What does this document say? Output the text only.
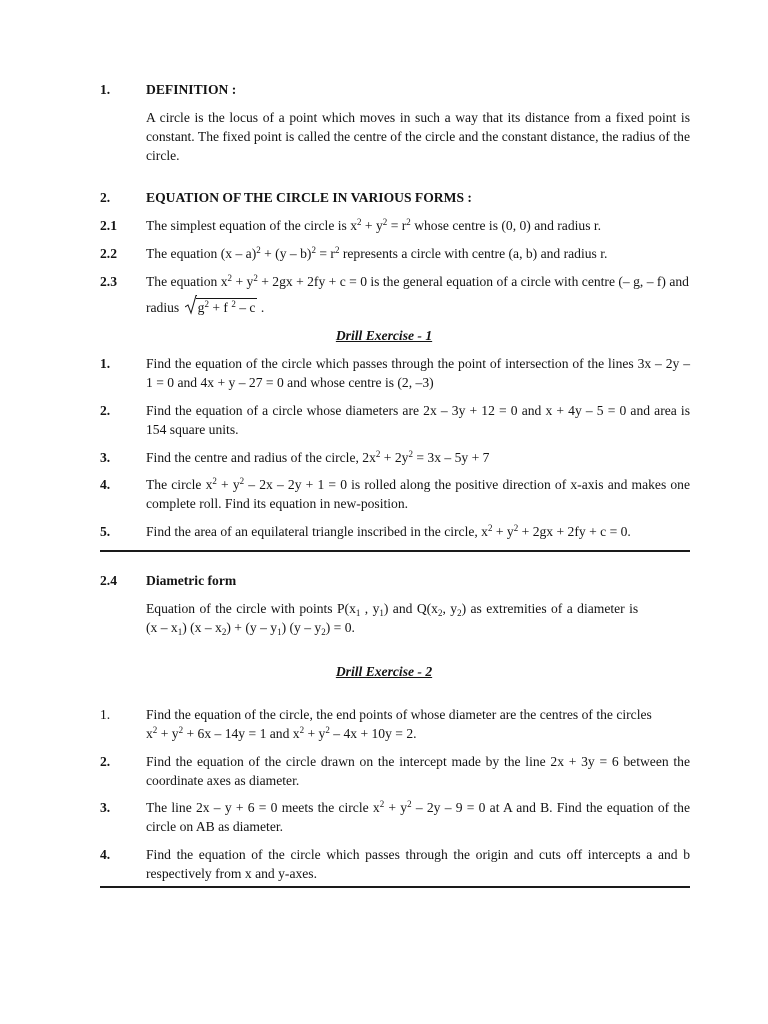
1.	DEFINITION :
A circle is the locus of a point which moves in such a way that its distance from a fixed point is constant. The fixed point is called the centre of the circle and the constant distance, the radius of the circle.
2.	EQUATION OF THE CIRCLE IN VARIOUS FORMS :
2.1	The simplest equation of the circle is $x^2 + y^2 = r^2$ whose centre is (0, 0) and radius r.
2.2	The equation $(x - a)^2 + (y - b)^2 = r^2$ represents a circle with centre (a, b) and radius r.
2.3	The equation $x^2 + y^2 + 2gx + 2fy + c = 0$ is the general equation of a circle with centre (– g, – f) and
radius $g^2 + f$ $^2$ – c .
Drill Exercise - 1
1.	Find the equation of the circle which passes through the point of intersection of the lines 3x – 2y – 1 = 0 and 4x + y – 27 = 0 and whose centre is (2, –3)
2.	Find the equation of a circle whose diameters are 2x – 3y + 12 = 0 and x + 4y – 5 = 0 and area is 154 square units.
3.	Find the centre and radius of the circle, $2x^2 + 2y^2 = 3x - 5y + 7$
4.	The circle $x^2 + y^2 - 2x - 2y + 1 = 0$ is rolled along the positive direction of x-axis and makes one complete roll. Find its equation in new-position.
5.	Find the area of an equilateral triangle inscribed in the circle, $x^2 + y^2 + 2gx + 2fy + c = 0$.
2.4	Diametric form
Equation of the circle with points $P(x_1$ , $y_1$) and $Q(x_2$, $y_2$) as extremities of a diameter is
$(x - x_1)$ $(x - x_2) + (y - y_1)$ $(y - y_2) = 0$.
Drill Exercise - 2
1.	Find the equation of the circle, the end points of whose diameter are the centres of the circles
$x^2 + y^2 + 6x - 14y = 1$ and $x^2 + y^2 - 4x + 10y = 2$.
2.	Find the equation of the circle drawn on the intercept made by the line 2x + 3y = 6 between the coordinate axes as diameter.
3.	The line 2x – y + 6 = 0 meets the circle $x^2 + y^2 - 2y - 9 = 0$ at A and B. Find the equation of the circle on AB as diameter.
4.	Find the equation of the circle which passes through the origin and cuts off intercepts a and b respectively from x and y-axes.
